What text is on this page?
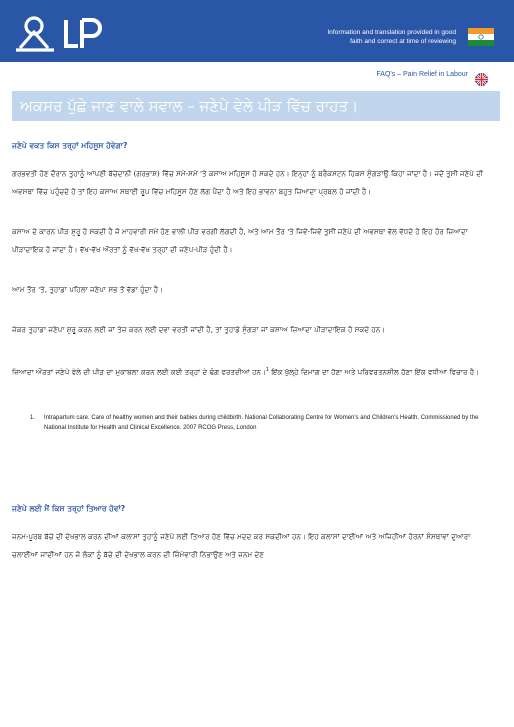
Information and translation provided in good
faith and correct at time of reviewing
FAQ's – Pain Relief in Labour
ਅਕਸਰ ਪੁੱਛੇ ਜਾਣ ਵਾਲੇ ਸਵਾਲ – ਜਣੇਪੇ ਵੇਲੇ ਪੀੜ ਵਿੱਚ ਰਾਹਤ।
ਜਣੇਪੇ ਵਕਤ ਕਿਸ ਤਰ੍ਹਾਂ ਮਹਿਸੂਸ ਹੋਵੇਗਾ?

ਗਰਭਵਤੀ ਹੋਣ ਦੌਰਾਨ ਤੁਹਾਨੂੰ ਆਪਣੀ ਬੱਚੇਦਾਨੀ (ਗਰਭਾਸ਼) ਵਿੱਚ ਸਮੇਂ-ਸਮੇਂ 'ਤੇ ਕਸਾਅ ਮਹਿਸੂਸ ਹੋ ਸਕਦੇ ਹਨ। ਇਨ੍ਹਾਂ ਨੂੰ ਬਰੈਕਸਟਨ ਹਿਕਸ ਸੁੰਗੜਾਉ ਕਿਹਾ ਜਾਂਦਾ ਹੈ। ਜਦੋਂ ਤੁਸੀਂ ਜਣੇਪੇ ਦੀ ਅਵਸਥਾ ਵਿੱਚ ਪਹੁੰਚਦੇ ਹੋ ਤਾਂ ਇਹ ਕਸਾਅ ਸਥਾਈ ਰੂਪ ਵਿੱਚ ਮਹਿਸੂਸ ਹੋਣ ਲੱਗ ਪੈਂਦਾ ਹੈ ਅਤੇ ਇਹ ਭਾਵਨਾ ਬਹੁਤ ਜ਼ਿਆਦਾ ਪ੍ਰਬਲ ਹੋ ਜਾਂਦੀ ਹੈ।

ਕਸਾਅ ਦੇ ਕਾਰਨ ਪੀੜ ਸ਼ੁਰੂ ਹੋ ਸਕਦੀ ਹੈ ਜੋ ਮਾਹਵਾਰੀ ਸਮੇਂ ਹੋਣ ਵਾਲੀ ਪੀੜ ਵਰਗੀ ਲੱਗਦੀ ਹੈ, ਅਤੇ ਆਮ ਤੌਰ 'ਤੇ ਜਿਵੇਂ-ਜਿਵੇਂ ਤੁਸੀਂ ਜਣੇਪੇ ਦੀ ਅਵਸਥਾ ਵੱਲ ਵੱਧਦੇ ਹੋ ਇਹ ਹੋਰ ਜ਼ਿਆਦਾ ਪੀੜਾਦਾਇਕ ਹੋ ਜਾਂਦਾ ਹੈ। ਵੱਖ-ਵੱਖ ਔਰਤਾਂ ਨੂੰ ਵੱਖ-ਵੱਖ ਤਰ੍ਹਾਂ ਦੀ ਜਣੇਪ-ਪੀੜ ਹੁੰਦੀ ਹੈ।

ਆਮ ਤੌਰ 'ਤੇ, ਤੁਹਾਡਾ ਪਹਿਲਾ ਜਣੇਪਾ ਸਭ ਤੋਂ ਵੱਡਾ ਹੁੰਦਾ ਹੈ।

ਜੇਕਰ ਤੁਹਾਡਾ ਜਣੇਪਾ ਸ਼ੁਰੂ ਕਰਨ ਲਈ ਜਾਂ ਤੇਜ਼ ਕਰਨ ਲਈ ਦਵਾ ਵਰਤੀ ਜਾਂਦੀ ਹੈ, ਤਾਂ ਤੁਹਾਡੇ ਸੁੰਗੜਾ ਜਾਂ ਕਸਾਅ ਜ਼ਿਆਦਾ ਪੀੜਾਦਾਇਕ ਹੋ ਸਕਦੇ ਹਨ।

ਜ਼ਿਆਦਾ ਔਰਤਾਂ ਜਣੇਪੇ ਵੇਲੇ ਦੀ ਪੀੜ ਦਾ ਮੁਕਾਬਲਾ ਕਰਨ ਲਈ ਕਈ ਤਰ੍ਹਾਂ ਦੇ ਢੰਗ ਵਰਤਦੀਆਂ ਹਨ।$^1$ ਇੱਕ ਖੁੱਲ੍ਹੇ ਦਿਮਾਗ ਦਾ ਹੋਣਾ ਅਤੇ ਪਰਿਵਰਤਨਸ਼ੀਲ ਹੋਣਾ ਇੱਕ ਵਧੀਆ ਵਿਚਾਰ ਹੈ।

1.	Intrapartum care. Care of healthy women and their babies during childbirth. National Collaborating Centre for Women's and Children's Health. Commissioned by the National Institute for Health and Clinical Excellence. 2007 RCOG Press, London
ਜਣੇਪੇ ਲਈ ਮੈਂ ਕਿਸ ਤਰ੍ਹਾਂ ਤਿਆਰ ਹੋਵਾਂ?

ਜਨਮ-ਪੂਰਬ ਬੱਚੇ ਦੀ ਦੇਖਭਾਲ ਕਰਨ ਦੀਆਂ ਕਲਾਸਾਂ ਤੁਹਾਨੂੰ ਜਣੇਪੇ ਲਈ ਤਿਆਰ ਹੋਣ ਵਿੱਚ ਮਦਦ ਕਰ ਸਕਦੀਆਂ ਹਨ। ਇਹ ਕਲਾਸਾਂ ਦਾਈਆਂ ਅਤੇ ਅਜਿਹੀਆਂ ਹੋਰਨਾਂ ਸੰਸਥਾਵਾਂ ਦੁਆਰਾ ਚਲਾਈਆਂ ਜਾਂਦੀਆਂ ਹਨ ਜੋ ਲੋਕਾਂ ਨੂੰ ਬੱਚੇ ਦੀ ਦੇਖਭਾਲ ਕਰਨ ਦੀ ਜ਼ਿੰਮੇਵਾਰੀ ਨਿਭਾਉਣ ਅਤੇ ਜਨਮ ਦੇਣ
